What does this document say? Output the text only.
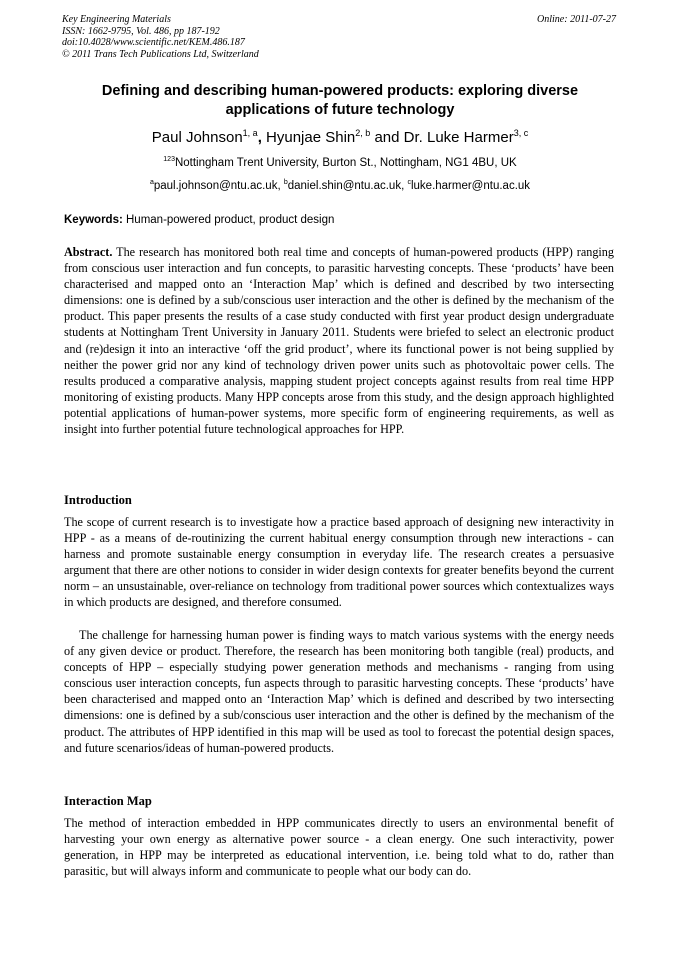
Key Engineering Materials
ISSN: 1662-9795, Vol. 486, pp 187-192
doi:10.4028/www.scientific.net/KEM.486.187
© 2011 Trans Tech Publications Ltd, Switzerland
Online: 2011-07-27
Defining and describing human-powered products: exploring diverse applications of future technology
Paul Johnson$^{1, a}$, Hyunjae Shin$^{2, b}$ and Dr. Luke Harmer$^{3, c}$
$^{123}$Nottingham Trent University, Burton St., Nottingham, NG1 4BU, UK
$^a$paul.johnson@ntu.ac.uk, $^b$daniel.shin@ntu.ac.uk, $^c$luke.harmer@ntu.ac.uk
Keywords: Human-powered product, product design
Abstract. The research has monitored both real time and concepts of human-powered products (HPP) ranging from conscious user interaction and fun concepts, to parasitic harvesting concepts. These ‘products’ have been characterised and mapped onto an ‘Interaction Map’ which is defined and described by two intersecting dimensions: one is defined by a sub/conscious user interaction and the other is defined by the mechanism of the product. This paper presents the results of a case study conducted with first year product design undergraduate students at Nottingham Trent University in January 2011. Students were briefed to select an electronic product and (re)design it into an interactive ‘off the grid product’, where its functional power is not being supplied by neither the power grid nor any kind of technology driven power units such as photovoltaic power cells. The results produced a comparative analysis, mapping student project concepts against results from real time HPP monitoring of existing products. Many HPP concepts arose from this study, and the design approach highlighted potential applications of human-power systems, more specific form of engineering requirements, as well as insight into further potential future technological approaches for HPP.
Introduction
The scope of current research is to investigate how a practice based approach of designing new interactivity in HPP - as a means of de-routinizing the current habitual energy consumption through new interactions - can harness and promote sustainable energy consumption in everyday life. The research creates a persuasive argument that there are other notions to consider in wider design contexts for greater benefits beyond the current norm – an unsustainable, over-reliance on technology from traditional power sources which contextualizes ways in which products are designed, and therefore consumed.
The challenge for harnessing human power is finding ways to match various systems with the energy needs of any given device or product. Therefore, the research has been monitoring both tangible (real) products, and concepts of HPP – especially studying power generation methods and mechanisms - ranging from using conscious user interaction concepts, fun aspects through to parasitic harvesting concepts. These ‘products’ have been characterised and mapped onto an ‘Interaction Map’ which is defined and described by two intersecting dimensions: one is defined by a sub/conscious user interaction and the other is defined by the mechanism of the product. The attributes of HPP identified in this map will be used as tool to forecast the potential design spaces, and future scenarios/ideas of human-powered products.
Interaction Map
The method of interaction embedded in HPP communicates directly to users an environmental benefit of harvesting your own energy as alternative power source - a clean energy. One such interactivity, power generation, in HPP may be interpreted as educational intervention, i.e. being told what to do, rather than parasitic, but will always inform and communicate to people what our body can do.
